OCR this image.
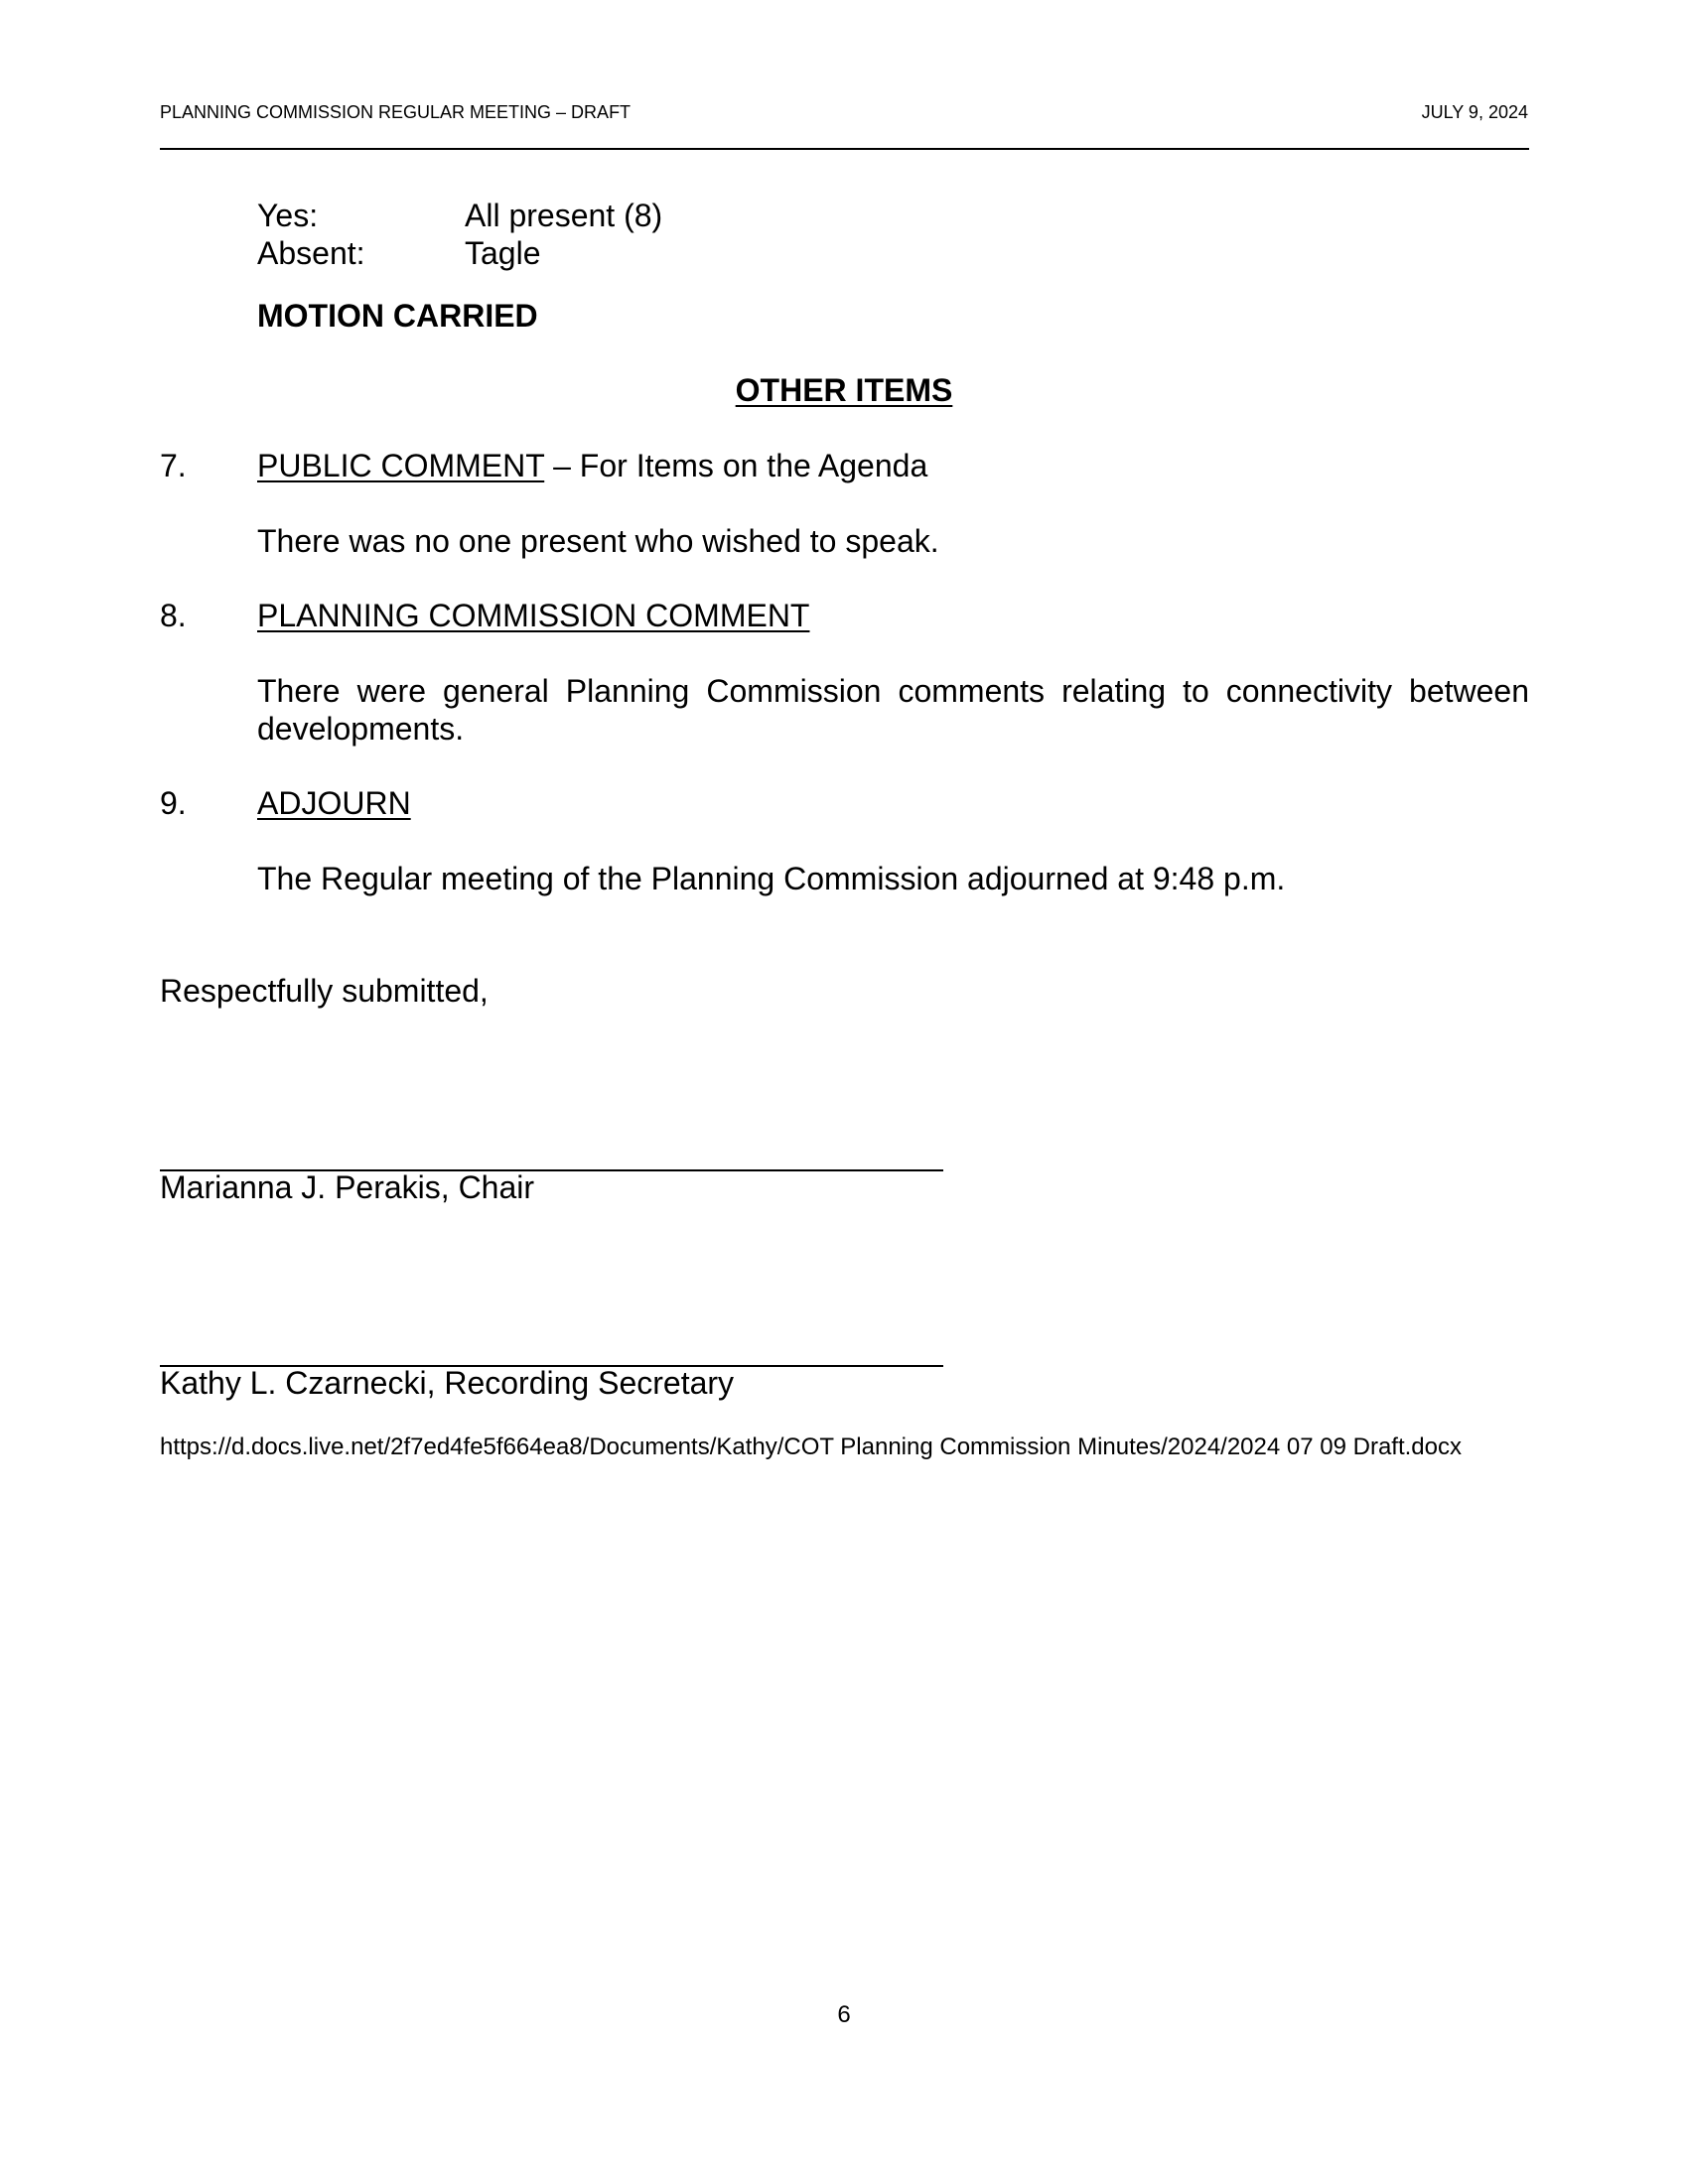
PLANNING COMMISSION REGULAR MEETING – DRAFT	JULY 9, 2024
Yes:	All present (8)
Absent:	Tagle
MOTION CARRIED
OTHER ITEMS
7. PUBLIC COMMENT – For Items on the Agenda
There was no one present who wished to speak.
8. PLANNING COMMISSION COMMENT
There were general Planning Commission comments relating to connectivity between developments.
9. ADJOURN
The Regular meeting of the Planning Commission adjourned at 9:48 p.m.
Respectfully submitted,
Marianna J. Perakis, Chair
Kathy L. Czarnecki, Recording Secretary
https://d.docs.live.net/2f7ed4fe5f664ea8/Documents/Kathy/COT Planning Commission Minutes/2024/2024 07 09 Draft.docx
6
